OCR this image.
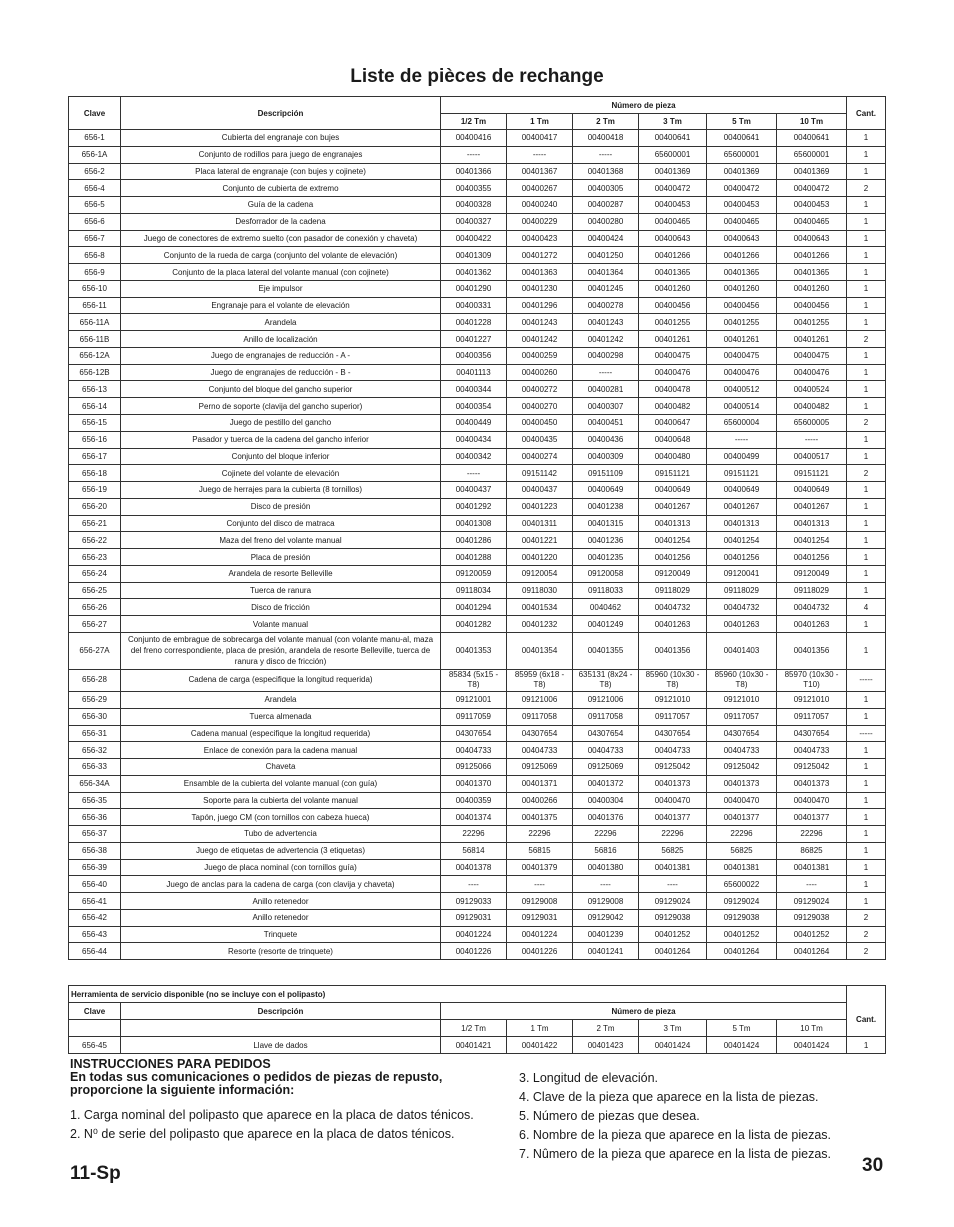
Liste de pièces de rechange
Clave	Descripción	Número de pieza						Cant.
		1/2 Tm	1 Tm	2 Tm	3 Tm	5 Tm	10 Tm	
656-1	Cubierta del engranaje con bujes	00400416	00400417	00400418	00400641	00400641	00400641	1
656-1A	Conjunto de rodillos para juego de engranajes	-----	-----	-----	65600001	65600001	65600001	1
656-2	Placa lateral de engranaje (con bujes y cojinete)	00401366	00401367	00401368	00401369	00401369	00401369	1
656-4	Conjunto de cubierta de extremo	00400355	00400267	00400305	00400472	00400472	00400472	2
656-5	Guía de la cadena	00400328	00400240	00400287	00400453	00400453	00400453	1
656-6	Desforrador de la cadena	00400327	00400229	00400280	00400465	00400465	00400465	1
656-7	Juego de conectores de extremo suelto (con pasador de conexión y chaveta)	00400422	00400423	00400424	00400643	00400643	00400643	1
656-8	Conjunto de la rueda de carga (conjunto del volante de elevación)	00401309	00401272	00401250	00401266	00401266	00401266	1
656-9	Conjunto de la placa lateral del volante manual (con cojinete)	00401362	00401363	00401364	00401365	00401365	00401365	1
656-10	Eje impulsor	00401290	00401230	00401245	00401260	00401260	00401260	1
656-11	Engranaje para el volante de elevación	00400331	00401296	00400278	00400456	00400456	00400456	1
656-11A	Arandela	00401228	00401243	00401243	00401255	00401255	00401255	1
656-11B	Anillo de localización	00401227	00401242	00401242	00401261	00401261	00401261	2
656-12A	Juego de engranajes de reducción - A -	00400356	00400259	00400298	00400475	00400475	00400475	1
656-12B	Juego de engranajes de reducción - B -	00401113	00400260	-----	00400476	00400476	00400476	1
656-13	Conjunto del bloque del gancho superior	00400344	00400272	00400281	00400478	00400512	00400524	1
656-14	Perno de soporte (clavija del gancho superior)	00400354	00400270	00400307	00400482	00400514	00400482	1
656-15	Juego de pestillo del gancho	00400449	00400450	00400451	00400647	65600004	65600005	2
656-16	Pasador y tuerca de la cadena del gancho inferior	00400434	00400435	00400436	00400648	-----	-----	1
656-17	Conjunto del bloque inferior	00400342	00400274	00400309	00400480	00400499	00400517	1
656-18	Cojinete del volante de elevación	-----	09151142	09151109	09151121	09151121	09151121	2
656-19	Juego de herrajes para la cubierta (8 tornillos)	00400437	00400437	00400649	00400649	00400649	00400649	1
656-20	Disco de presión	00401292	00401223	00401238	00401267	00401267	00401267	1
656-21	Conjunto del disco de matraca	00401308	00401311	00401315	00401313	00401313	00401313	1
656-22	Maza del freno del volante manual	00401286	00401221	00401236	00401254	00401254	00401254	1
656-23	Placa de presión	00401288	00401220	00401235	00401256	00401256	00401256	1
656-24	Arandela de resorte Belleville	09120059	09120054	09120058	09120049	09120041	09120049	1
656-25	Tuerca de ranura	09118034	09118030	09118033	09118029	09118029	09118029	1
656-26	Disco de fricción	00401294	00401534	0040462	00404732	00404732	00404732	4
656-27	Volante manual	00401282	00401232	00401249	00401263	00401263	00401263	1
656-27A	Conjunto de embrague de sobrecarga del volante manual (con volante manu-al, maza del freno correspondiente, placa de presión, arandela de resorte Belleville, tuerca de ranura y disco de fricción)	00401353	00401354	00401355	00401356	00401403	00401356	1
656-28	Cadena de carga (especifique la longitud requerida)	85834 (5x15 - T8)	85959 (6x18 - T8)	635131 (8x24 - T8)	85960 (10x30 - T8)	85960 (10x30 - T8)	85970 (10x30 - T10)	-----
656-29	Arandela	09121001	09121006	09121006	09121010	09121010	09121010	1
656-30	Tuerca almenada	09117059	09117058	09117058	09117057	09117057	09117057	1
656-31	Cadena manual (especifique la longitud requerida)	04307654	04307654	04307654	04307654	04307654	04307654	-----
656-32	Enlace de conexión para la cadena manual	00404733	00404733	00404733	00404733	00404733	00404733	1
656-33	Chaveta	09125066	09125069	09125069	09125042	09125042	09125042	1
656-34A	Ensamble de la cubierta del volante manual (con guía)	00401370	00401371	00401372	00401373	00401373	00401373	1
656-35	Soporte para la cubierta del volante manual	00400359	00400266	00400304	00400470	00400470	00400470	1
656-36	Tapón, juego CM (con tornillos con cabeza hueca)	00401374	00401375	00401376	00401377	00401377	00401377	1
656-37	Tubo de advertencia	22296	22296	22296	22296	22296	22296	1
656-38	Juego de etiquetas de advertencia (3 etiquetas)	56814	56815	56816	56825	56825	86825	1
656-39	Juego de placa nominal (con tornillos guía)	00401378	00401379	00401380	00401381	00401381	00401381	1
656-40	Juego de anclas para la cadena de carga (con clavija y chaveta)	----	----	----	----	65600022	----	1
656-41	Anillo retenedor	09129033	09129008	09129008	09129024	09129024	09129024	1
656-42	Anillo retenedor	09129031	09129031	09129042	09129038	09129038	09129038	2
656-43	Trinquete	00401224	00401224	00401239	00401252	00401252	00401252	2
656-44	Resorte (resorte de trinquete)	00401226	00401226	00401241	00401264	00401264	00401264	2
Herramienta de servicio disponible (no se incluye con el polipasto)								
Clave	Descripción	Número de pieza						Cant.
		1/2 Tm	1 Tm	2 Tm	3 Tm	5 Tm	10 Tm	
656-45	Llave de dados	00401421	00401422	00401423	00401424	00401424	00401424	1
INSTRUCCIONES PARA PEDIDOS
En todas sus comunicaciones o pedidos de piezas de repusto, proporcione la siguiente información:
1. Carga nominal del polipasto que aparece en la placa de datos ténicos.
2. N⁰ de serie del polipasto que aparece en la placa de datos ténicos.
3. Longitud de elevación.
4. Clave de la pieza que aparece en la lista de piezas.
5. Número de piezas que desea.
6. Nombre de la pieza que aparece en la lista de piezas.
7. Nûmero de la pieza que aparece en la lista de piezas.
11-Sp	30
